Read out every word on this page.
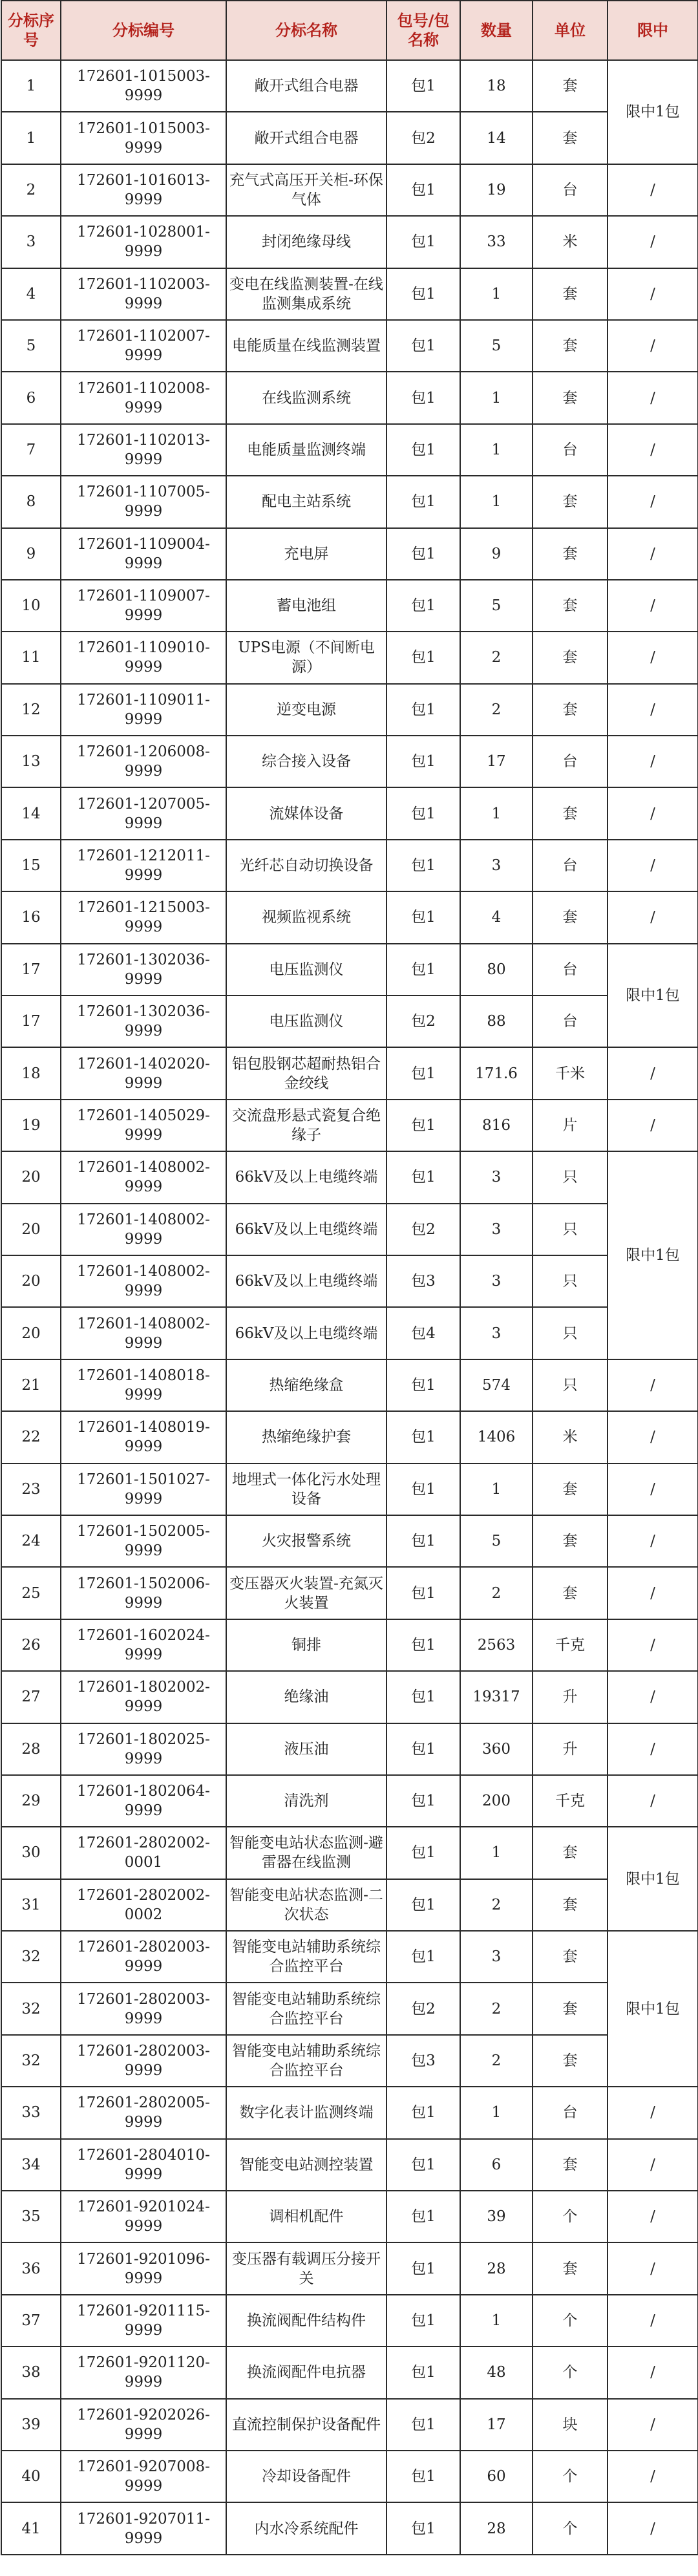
分标序号	分标编号	分标名称	包号/包名称	数量	单位	限中
1	172601-1015003-9999	敞开式组合电器	包1	18	套	限中1包
1	172601-1015003-9999	敞开式组合电器	包2	14	套	
2	172601-1016013-9999	充气式高压开关柜-环保气体	包1	19	台	/
3	172601-1028001-9999	封闭绝缘母线	包1	33	米	/
4	172601-1102003-9999	变电在线监测装置-在线监测集成系统	包1	1	套	/
5	172601-1102007-9999	电能质量在线监测装置	包1	5	套	/
6	172601-1102008-9999	在线监测系统	包1	1	套	/
7	172601-1102013-9999	电能质量监测终端	包1	1	台	/
8	172601-1107005-9999	配电主站系统	包1	1	套	/
9	172601-1109004-9999	充电屏	包1	9	套	/
10	172601-1109007-9999	蓄电池组	包1	5	套	/
11	172601-1109010-9999	UPS电源（不间断电源）	包1	2	套	/
12	172601-1109011-9999	逆变电源	包1	2	套	/
13	172601-1206008-9999	综合接入设备	包1	17	台	/
14	172601-1207005-9999	流媒体设备	包1	1	套	/
15	172601-1212011-9999	光纤芯自动切换设备	包1	3	台	/
16	172601-1215003-9999	视频监视系统	包1	4	套	/
17	172601-1302036-9999	电压监测仪	包1	80	台	限中1包
17	172601-1302036-9999	电压监测仪	包2	88	台	
18	172601-1402020-9999	铝包股钢芯超耐热铝合金绞线	包1	171.6	千米	/
19	172601-1405029-9999	交流盘形悬式瓷复合绝缘子	包1	816	片	/
20	172601-1408002-9999	66kV及以上电缆终端	包1	3	只	限中1包
20	172601-1408002-9999	66kV及以上电缆终端	包2	3	只	
20	172601-1408002-9999	66kV及以上电缆终端	包3	3	只	
20	172601-1408002-9999	66kV及以上电缆终端	包4	3	只	
21	172601-1408018-9999	热缩绝缘盒	包1	574	只	/
22	172601-1408019-9999	热缩绝缘护套	包1	1406	米	/
23	172601-1501027-9999	地埋式一体化污水处理设备	包1	1	套	/
24	172601-1502005-9999	火灾报警系统	包1	5	套	/
25	172601-1502006-9999	变压器灭火装置-充氮灭火装置	包1	2	套	/
26	172601-1602024-9999	铜排	包1	2563	千克	/
27	172601-1802002-9999	绝缘油	包1	19317	升	/
28	172601-1802025-9999	液压油	包1	360	升	/
29	172601-1802064-9999	清洗剂	包1	200	千克	/
30	172601-2802002-0001	智能变电站状态监测-避雷器在线监测	包1	1	套	限中1包
31	172601-2802002-0002	智能变电站状态监测-二次状态	包1	2	套	
32	172601-2802003-9999	智能变电站辅助系统综合监控平台	包1	3	套	限中1包
32	172601-2802003-9999	智能变电站辅助系统综合监控平台	包2	2	套	
32	172601-2802003-9999	智能变电站辅助系统综合监控平台	包3	2	套	
33	172601-2802005-9999	数字化表计监测终端	包1	1	台	/
34	172601-2804010-9999	智能变电站测控装置	包1	6	套	/
35	172601-9201024-9999	调相机配件	包1	39	个	/
36	172601-9201096-9999	变压器有载调压分接开关	包1	28	套	/
37	172601-9201115-9999	换流阀配件结构件	包1	1	个	/
38	172601-9201120-9999	换流阀配件电抗器	包1	48	个	/
39	172601-9202026-9999	直流控制保护设备配件	包1	17	块	/
40	172601-9207008-9999	冷却设备配件	包1	60	个	/
41	172601-9207011-9999	内水冷系统配件	包1	28	个	/
